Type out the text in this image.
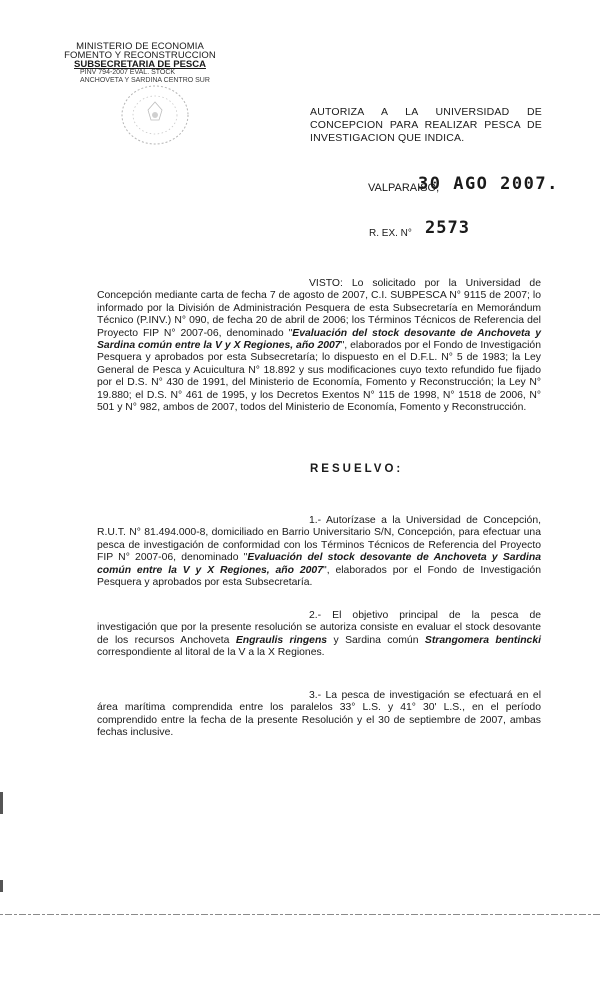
MINISTERIO DE ECONOMIA
FOMENTO Y RECONSTRUCCION
SUBSECRETARIA DE PESCA
PINV 794-2007 EVAL. STOCK
ANCHOVETA Y SARDINA CENTRO SUR
AUTORIZA A LA UNIVERSIDAD DE CONCEPCION PARA REALIZAR PESCA DE INVESTIGACION QUE INDICA.
VALPARAISO,
30 AGO 2007.
R. EX. N° 2573
VISTO: Lo solicitado por la Universidad de Concepción mediante carta de fecha 7 de agosto de 2007, C.I. SUBPESCA N° 9115 de 2007; lo informado por la División de Administración Pesquera de esta Subsecretaría en Memorándum Técnico (P.INV.) N° 090, de fecha 20 de abril de 2006; los Términos Técnicos de Referencia del Proyecto FIP N° 2007-06, denominado "Evaluación del stock desovante de Anchoveta y Sardina común entre la V y X Regiones, año 2007", elaborados por el Fondo de Investigación Pesquera y aprobados por esta Subsecretaría; lo dispuesto en el D.F.L. N° 5 de 1983; la Ley General de Pesca y Acuicultura N° 18.892 y sus modificaciones cuyo texto refundido fue fijado por el D.S. N° 430 de 1991, del Ministerio de Economía, Fomento y Reconstrucción; la Ley N° 19.880; el D.S. N° 461 de 1995, y los Decretos Exentos N° 115 de 1998, N° 1518 de 2006, N° 501 y N° 982, ambos de 2007, todos del Ministerio de Economía, Fomento y Reconstrucción.
RESUELVO:
1.- Autorízase a la Universidad de Concepción, R.U.T. N° 81.494.000-8, domiciliado en Barrio Universitario S/N, Concepción, para efectuar una pesca de investigación de conformidad con los Términos Técnicos de Referencia del Proyecto FIP N° 2007-06, denominado "Evaluación del stock desovante de Anchoveta y Sardina común entre la V y X Regiones, año 2007", elaborados por el Fondo de Investigación Pesquera y aprobados por esta Subsecretaría.
2.- El objetivo principal de la pesca de investigación que por la presente resolución se autoriza consiste en evaluar el stock desovante de los recursos Anchoveta Engraulis ringens y Sardina común Strangomera bentincki correspondiente al litoral de la V a la X Regiones.
3.- La pesca de investigación se efectuará en el área marítima comprendida entre los paralelos 33° L.S. y 41° 30' L.S., en el período comprendido entre la fecha de la presente Resolución y el 30 de septiembre de 2007, ambas fechas inclusive.
